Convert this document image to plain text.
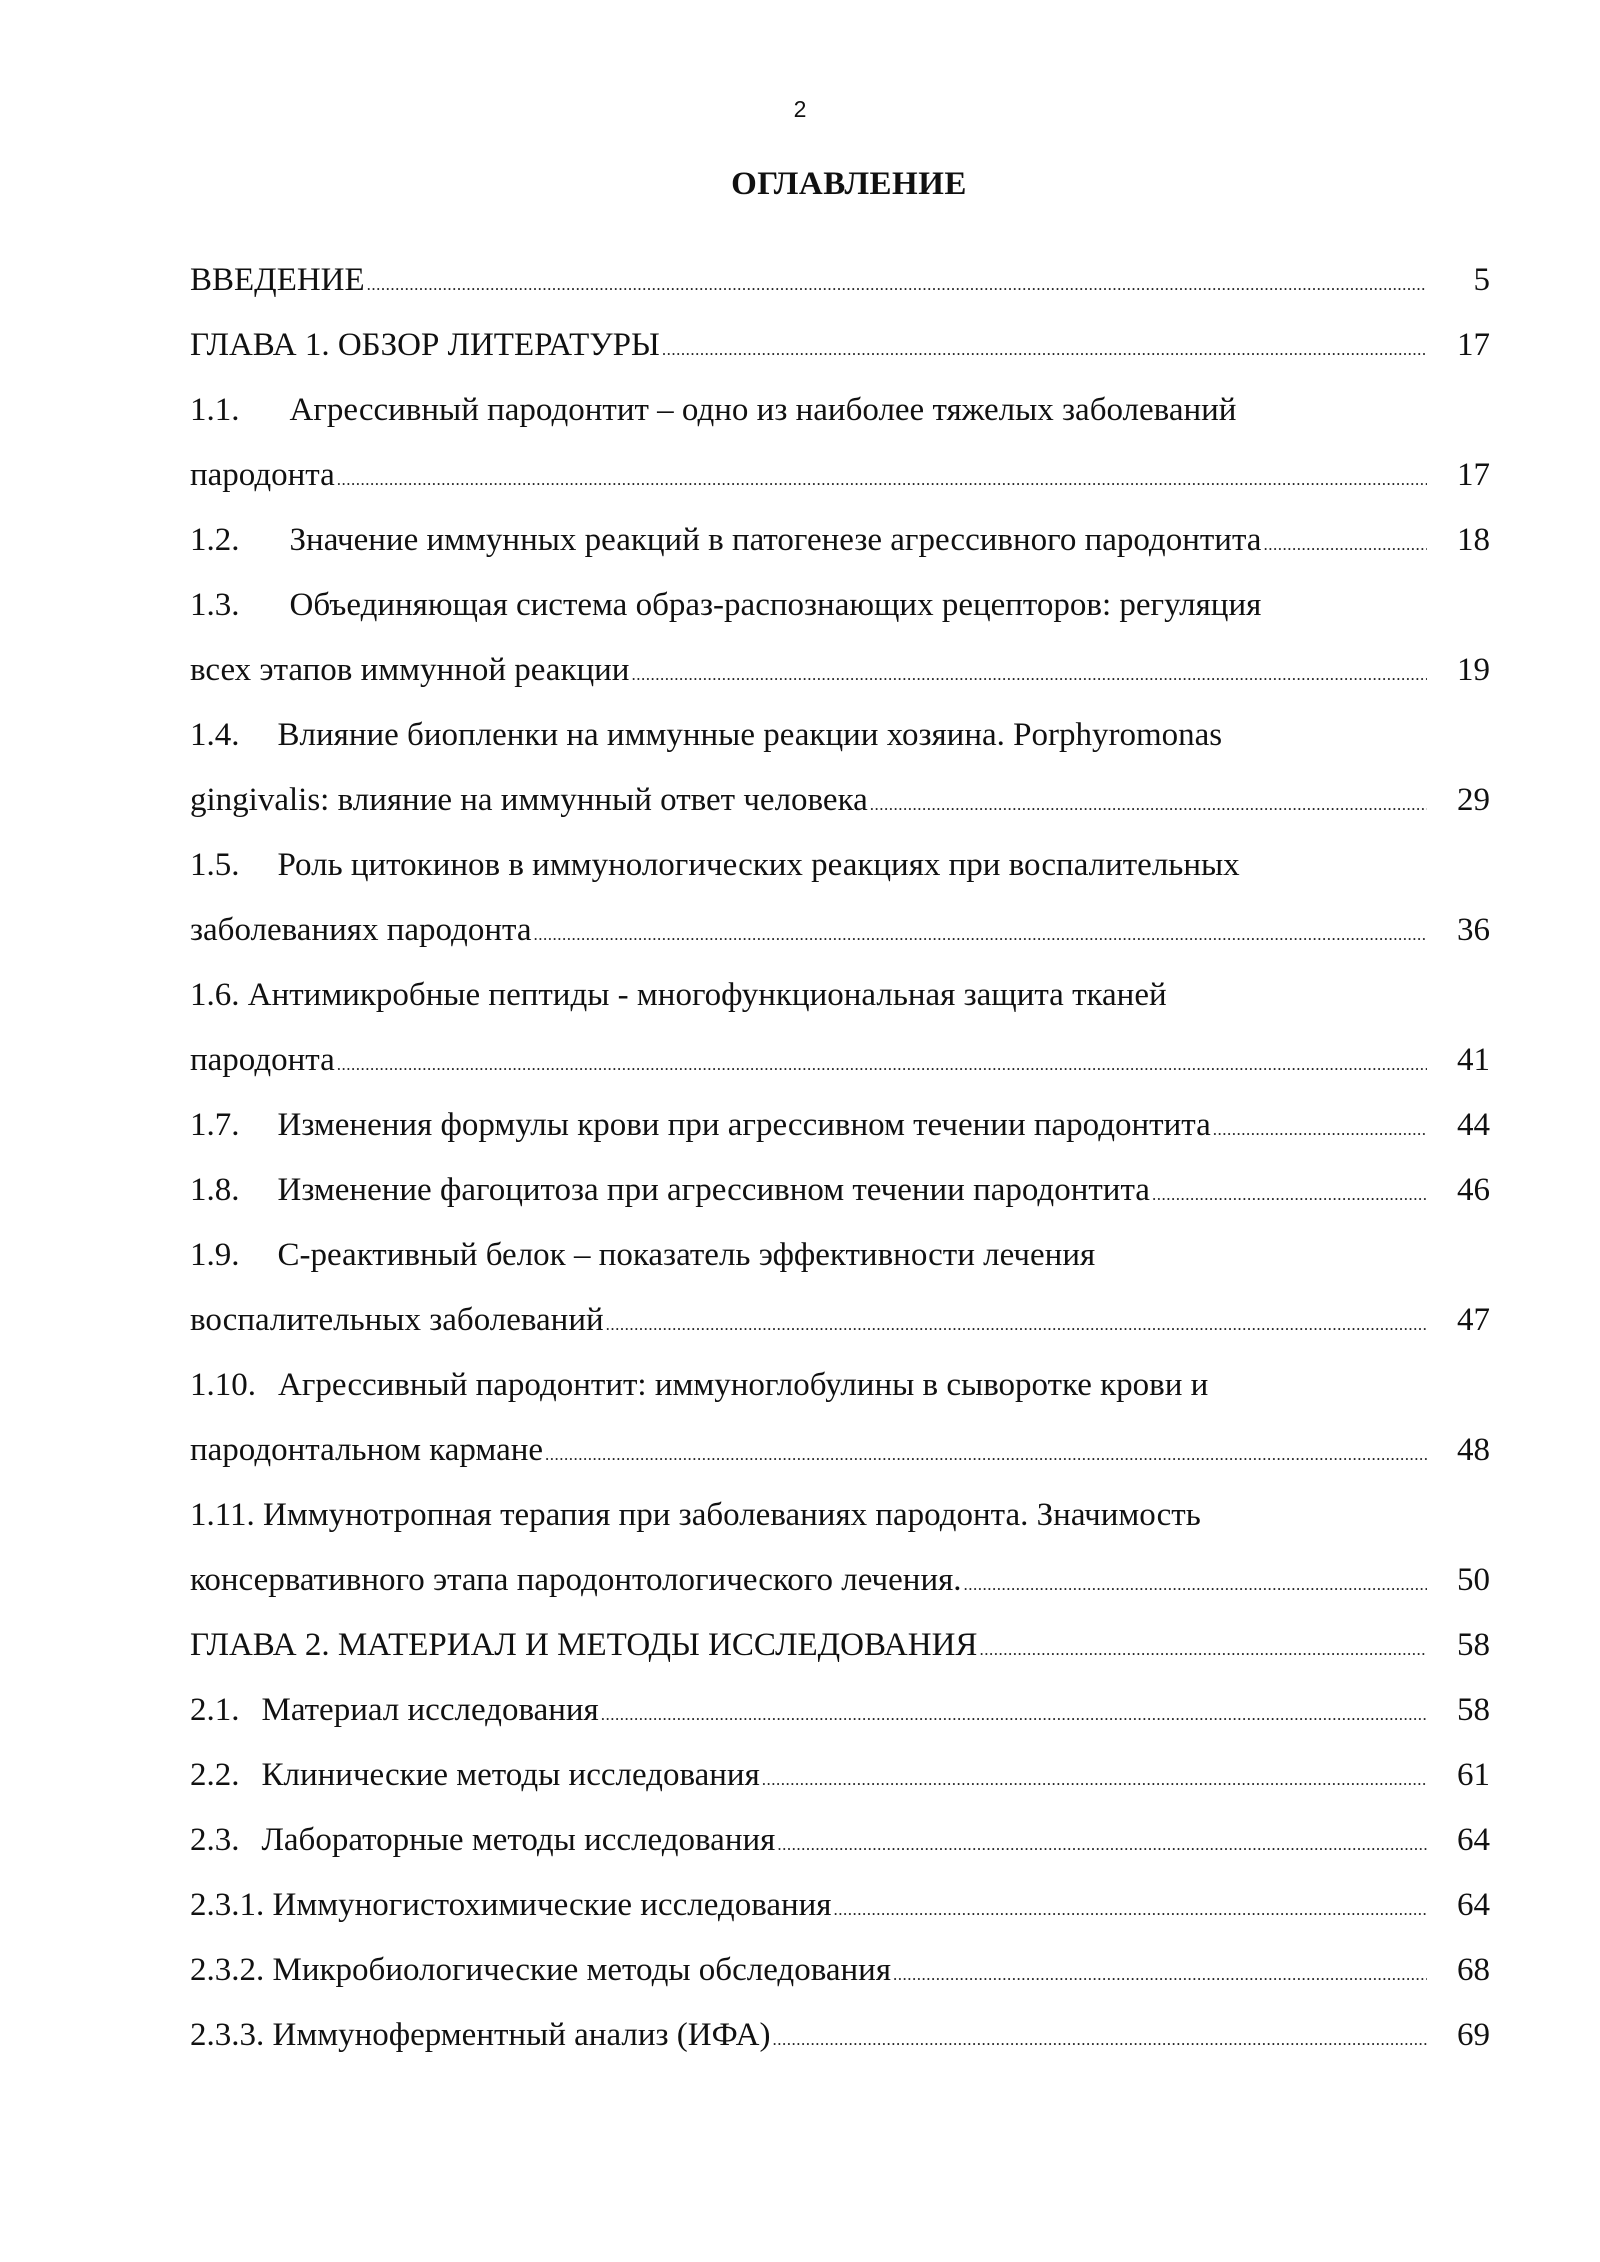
2
ОГЛАВЛЕНИЕ
ВВЕДЕНИЕ .....	5
ГЛАВА 1. ОБЗОР ЛИТЕРАТУРЫ .....	17
1.1. Агрессивный пародонтит – одно из наиболее тяжелых заболеваний
пародонта .....	17
1.2. Значение иммунных реакций в патогенезе агрессивного пародонтита .....	18
1.3. Объединяющая система образ-распознающих рецепторов: регуляция
всех этапов иммунной реакции .....	19
1.4. Влияние биопленки на иммунные реакции хозяина. Porphyromonas
gingivalis: влияние на иммунный ответ человека .....	29
1.5. Роль цитокинов в иммунологических реакциях при воспалительных
заболеваниях пародонта .....	36
1.6. Антимикробные пептиды - многофункциональная защита тканей
пародонта .....	41
1.7. Изменения формулы крови при агрессивном течении пародонтита .....	44
1.8. Изменение фагоцитоза при агрессивном течении пародонтита .....	46
1.9. С-реактивный белок – показатель эффективности лечения
воспалительных заболеваний .....	47
1.10. Агрессивный пародонтит: иммуноглобулины в сыворотке крови и
пародонтальном кармане .....	48
1.11. Иммунотропная терапия при заболеваниях пародонта. Значимость
консервативного этапа пародонтологического лечения. .....	50
ГЛАВА 2. МАТЕРИАЛ И МЕТОДЫ ИССЛЕДОВАНИЯ .....	58
2.1. Материал исследования .....	58
2.2. Клинические методы исследования .....	61
2.3. Лабораторные методы исследования .....	64
2.3.1. Иммуногистохимические исследования .....	64
2.3.2. Микробиологические методы обследования .....	68
2.3.3. Иммуноферментный анализ (ИФА) .....	69
